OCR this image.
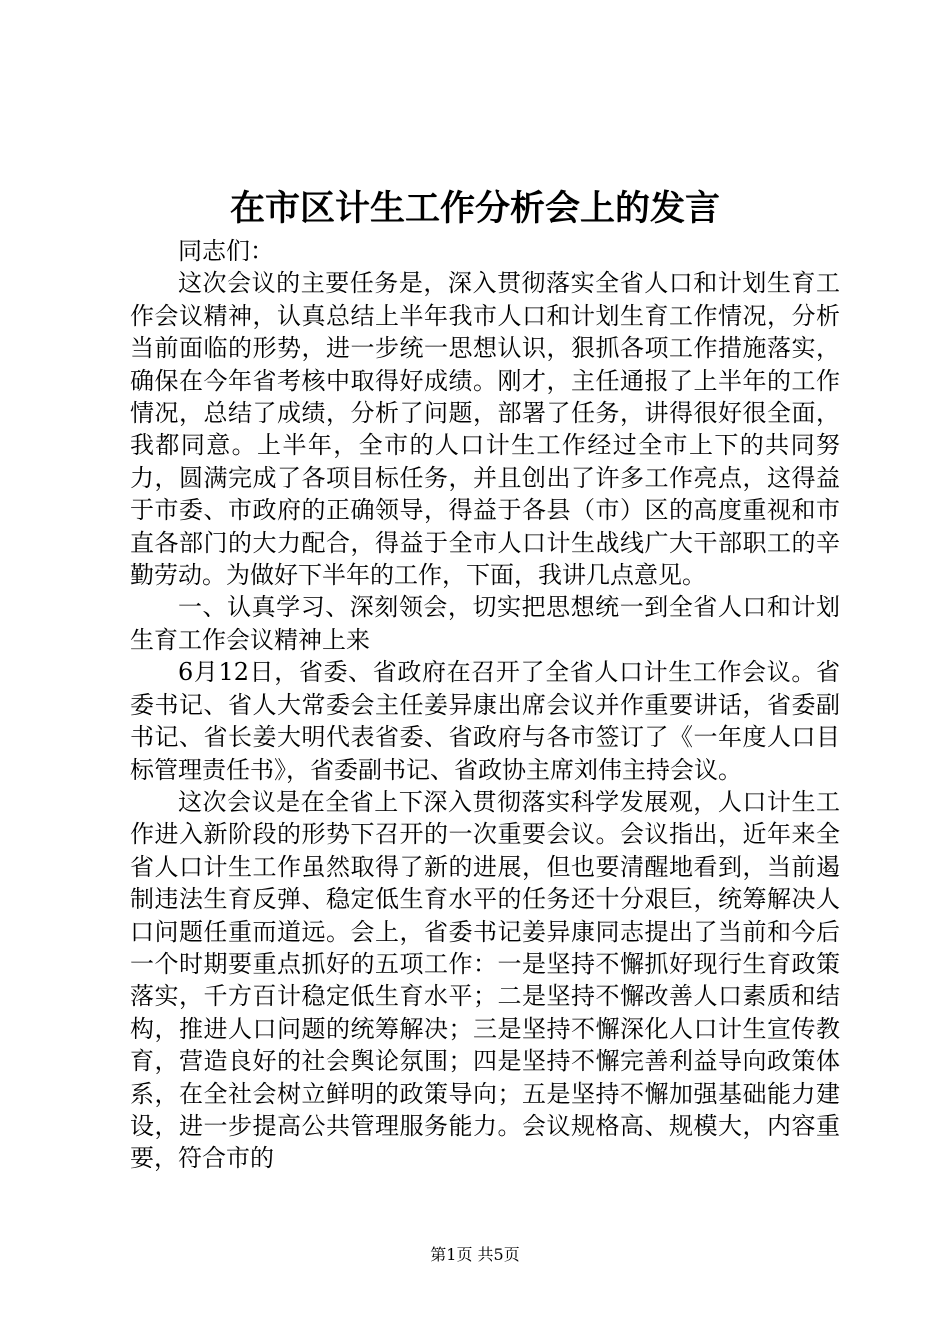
在市区计生工作分析会上的发言

同志们：

这次会议的主要任务是，深入贯彻落实全省人口和计划生育工作会议精神，认真总结上半年我市人口和计划生育工作情况，分析当前面临的形势，进一步统一思想认识，狠抓各项工作措施落实，确保在今年省考核中取得好成绩。刚才，主任通报了上半年的工作情况，总结了成绩，分析了问题，部署了任务，讲得很好很全面，我都同意。上半年，全市的人口计生工作经过全市上下的共同努力，圆满完成了各项目标任务，并且创出了许多工作亮点，这得益于市委、市政府的正确领导，得益于各县（市）区的高度重视和市直各部门的大力配合，得益于全市人口计生战线广大干部职工的辛勤劳动。为做好下半年的工作，下面，我讲几点意见。

一、认真学习、深刻领会，切实把思想统一到全省人口和计划生育工作会议精神上来

6月12日，省委、省政府在召开了全省人口计生工作会议。省委书记、省人大常委会主任姜异康出席会议并作重要讲话，省委副书记、省长姜大明代表省委、省政府与各市签订了《一年度人口目标管理责任书》，省委副书记、省政协主席刘伟主持会议。

这次会议是在全省上下深入贯彻落实科学发展观，人口计生工作进入新阶段的形势下召开的一次重要会议。会议指出，近年来全省人口计生工作虽然取得了新的进展，但也要清醒地看到，当前遏制违法生育反弹、稳定低生育水平的任务还十分艰巨，统筹解决人口问题任重而道远。会上，省委书记姜异康同志提出了当前和今后一个时期要重点抓好的五项工作：一是坚持不懈抓好现行生育政策落实，千方百计稳定低生育水平；二是坚持不懈改善人口素质和结构，推进人口问题的统筹解决；三是坚持不懈深化人口计生宣传教育，营造良好的社会舆论氛围；四是坚持不懈完善利益导向政策体系，在全社会树立鲜明的政策导向；五是坚持不懈加强基础能力建设，进一步提高公共管理服务能力。会议规格高、规模大，内容重要，符合市的

第1页 共5页
